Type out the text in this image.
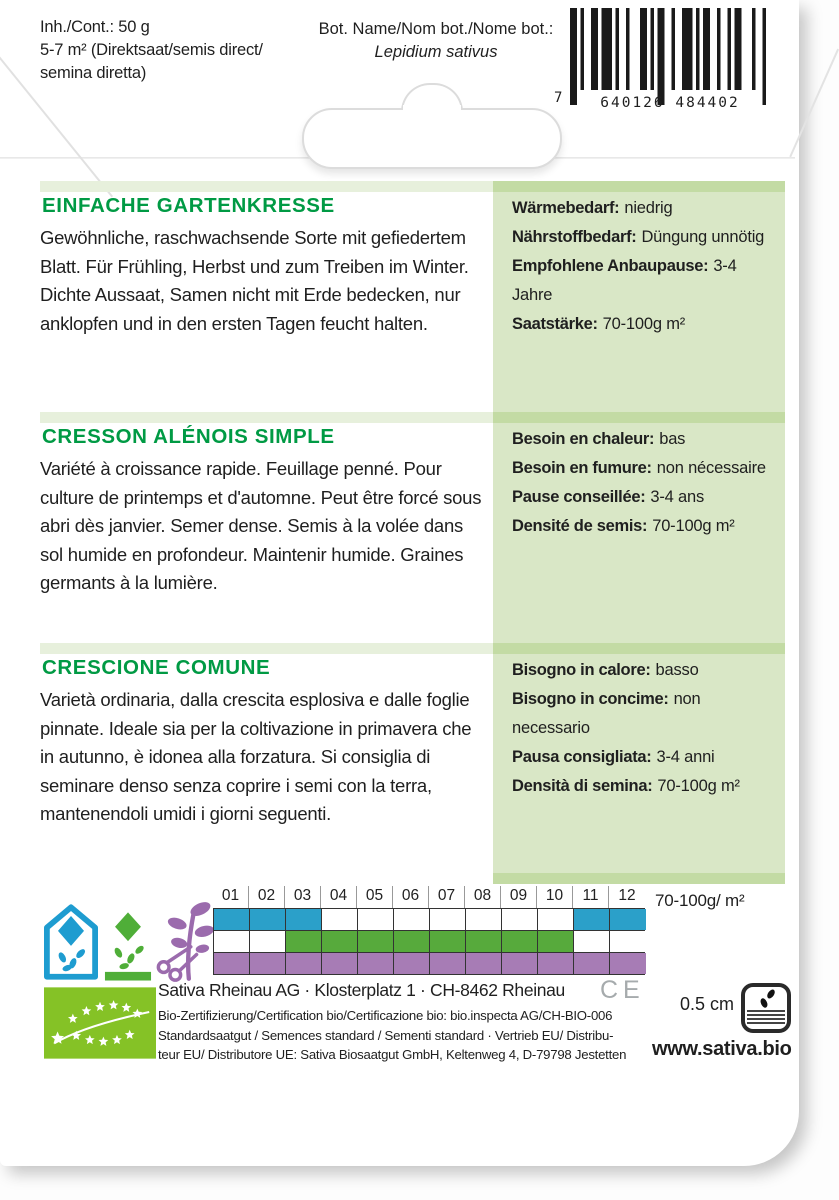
Inh./Cont.: 50 g
5-7 m² (Direktsaat/semis direct/
semina diretta)
Bot. Name/Nom bot./Nome bot.:
Lepidium sativus
7	640126 484402
EINFACHE GARTENKRESSE
Gewöhnliche, raschwachsende Sorte mit gefiedertem Blatt. Für Frühling, Herbst und zum Treiben im Winter. Dichte Aussaat, Samen nicht mit Erde bedecken, nur anklopfen und in den ersten Tagen feucht halten.
Wärmebedarf: niedrig
Nährstoffbedarf: Düngung unnötig
Empfohlene Anbaupause: 3-4 Jahre
Saatstärke: 70-100g m²
CRESSON ALÉNOIS SIMPLE
Variété à croissance rapide. Feuillage penné. Pour culture de printemps et d'automne. Peut être forcé sous abri dès janvier. Semer dense. Semis à la volée dans sol humide en profondeur. Maintenir humide. Graines germants à la lumière.
Besoin en chaleur: bas
Besoin en fumure: non nécessaire
Pause conseillée: 3-4 ans
Densité de semis: 70-100g m²
CRESCIONE COMUNE
Varietà ordinaria, dalla crescita esplosiva e dalle foglie pinnate. Ideale sia per la coltivazione in primavera che in autunno, è idonea alla forzatura. Si consiglia di seminare denso senza coprire i semi con la terra, mantenendoli umidi i giorni seguenti.
Bisogno in calore: basso
Bisogno in concime: non necessario
Pausa consigliata: 3-4 anni
Densità di semina: 70-100g m²
01	02	03	04	05	06	07	08	09	10	11	12	70-100g/ m²
Sativa Rheinau AG · Klosterplatz 1 · CH-8462 Rheinau	CE
Bio-Zertifizierung/Certification bio/Certificazione bio: bio.inspecta AG/CH-BIO-006
Standardsaatgut / Semences standard / Sementi standard · Vertrieb EU/ Distribu-
teur EU/ Distributore UE: Sativa Biosaatgut GmbH, Keltenweg 4, D-79798 Jestetten
0.5 cm
www.sativa.bio
